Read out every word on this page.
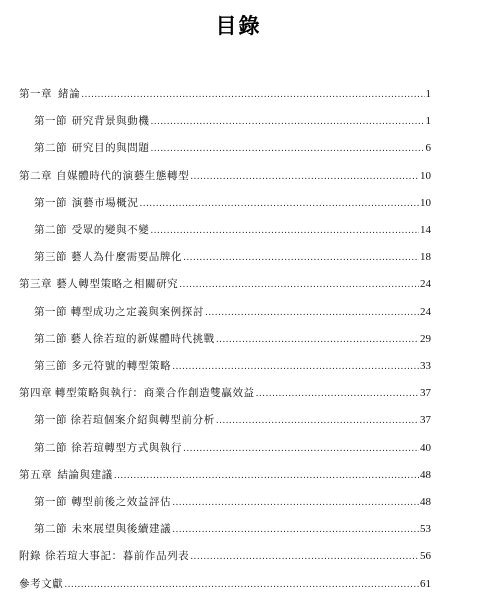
目錄
第一章 緒論 .....	1
第一節 研究背景與動機 .....	1
第二節 研究目的與問題 .....	6
第二章 自媒體時代的演藝生態轉型 .....	10
第一節 演藝市場概況 .....	10
第二節 受眾的變與不變 .....	14
第三節 藝人為什麼需要品牌化 .....	18
第三章 藝人轉型策略之相關研究 .....	24
第一節 轉型成功之定義與案例探討 .....	24
第二節 藝人徐若瑄的新媒體時代挑戰 .....	29
第三節 多元符號的轉型策略 .....	33
第四章 轉型策略與執行：商業合作創造雙贏效益 .....	37
第一節 徐若瑄個案介紹與轉型前分析 .....	37
第二節 徐若瑄轉型方式與執行 .....	40
第五章 結論與建議 .....	48
第一節 轉型前後之效益評估 .....	48
第二節 未來展望與後續建議 .....	53
附錄 徐若瑄大事記：暮前作品列表 .....	56
參考文獻 .....	61
